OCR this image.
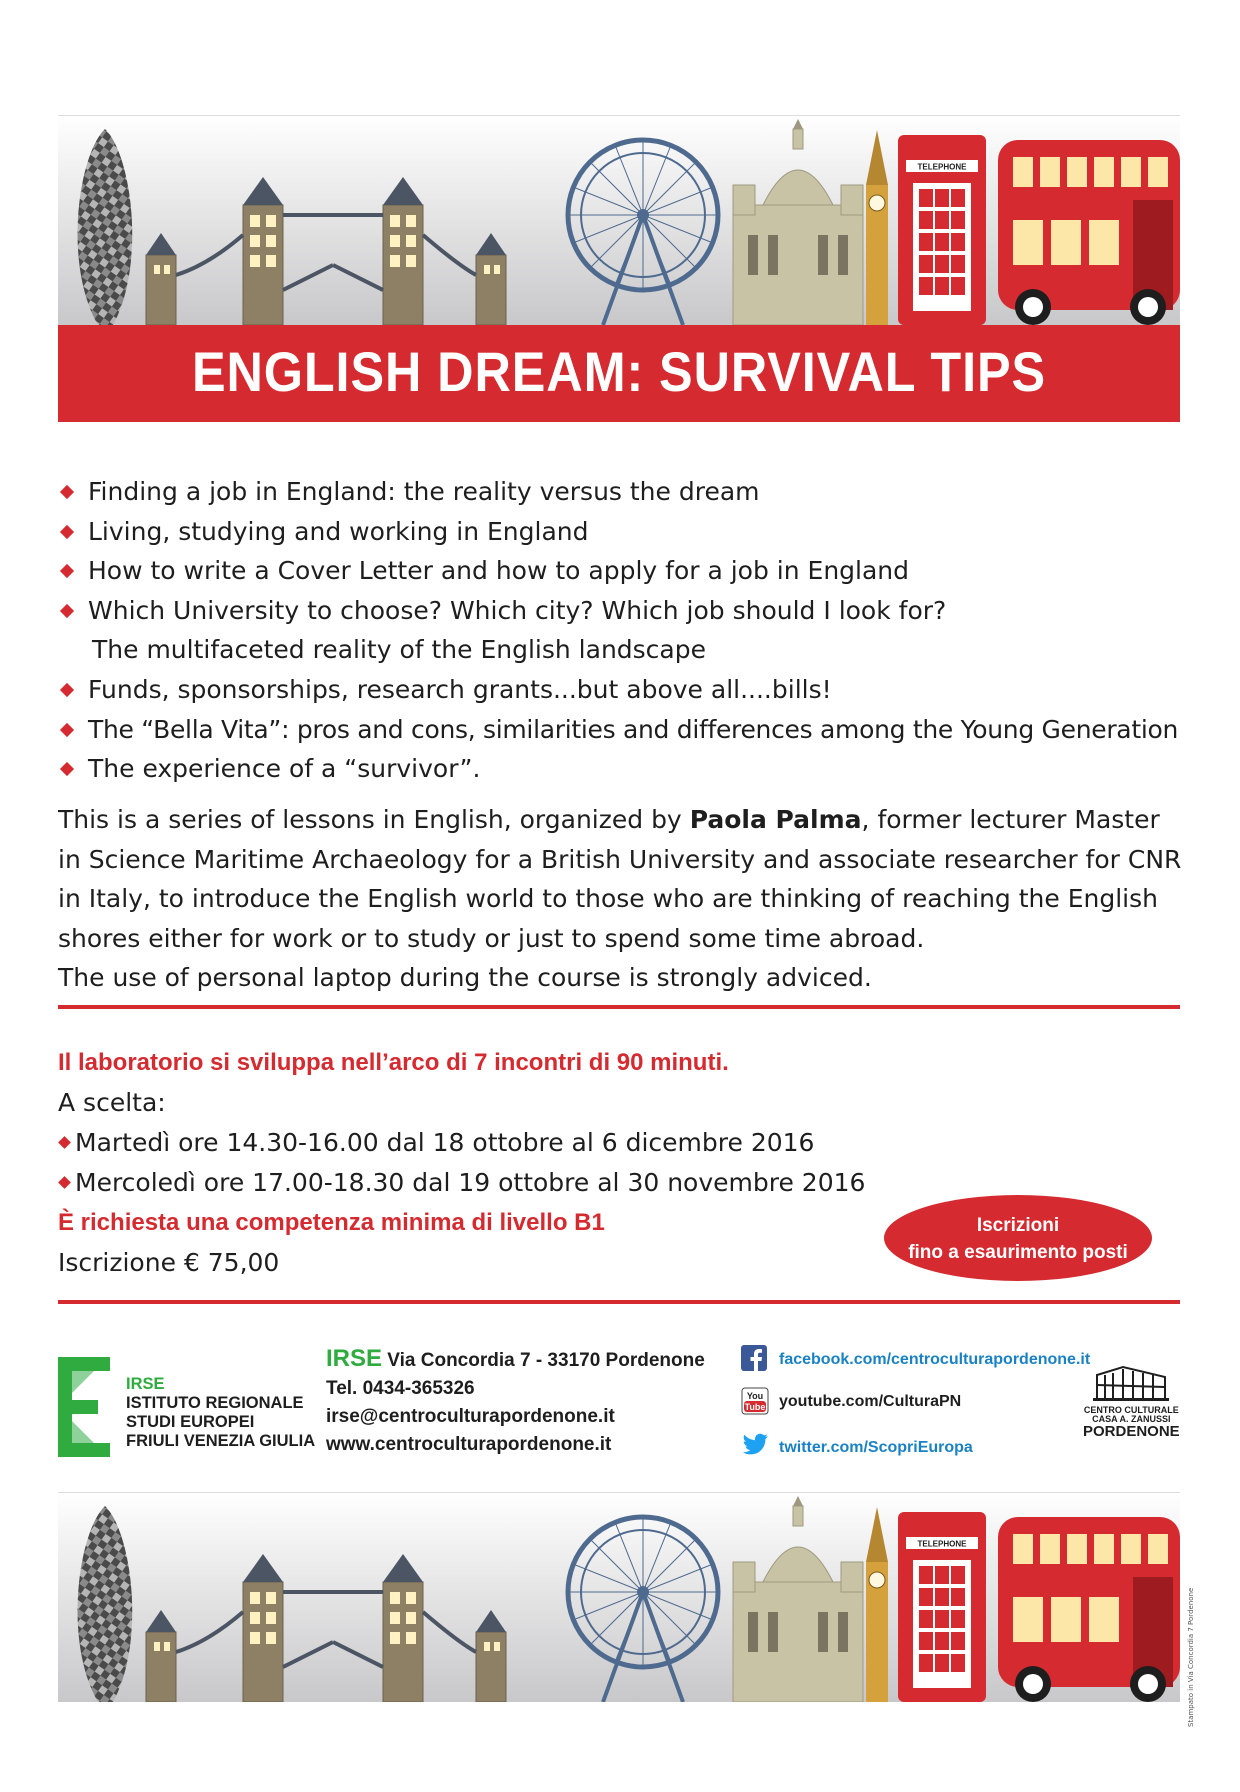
ENGLISH DREAM: SURVIVAL TIPS
Finding a job in England: the reality versus the dream
Living, studying and working in England
How to write a Cover Letter and how to apply for a job in England
Which University to choose? Which city? Which job should I look for?
The multifaceted reality of the English landscape
Funds, sponsorships, research grants...but above all....bills!
The “Bella Vita”: pros and cons, similarities and differences among the Young Generation
The experience of a “survivor”.

This is a series of lessons in English, organized by Paola Palma, former lecturer Master in Science Maritime Archaeology for a British University and associate researcher for CNR in Italy, to introduce the English world to those who are thinking of reaching the English shores either for work or to study or just to spend some time abroad.

The use of personal laptop during the course is strongly adviced.

Il laboratorio si sviluppa nell’arco di 7 incontri di 90 minuti.
A scelta:
Martedì ore 14.30-16.00 dal 18 ottobre al 6 dicembre 2016
Mercoledì ore 17.00-18.30 dal 19 ottobre al 30 novembre 2016
È richiesta una competenza minima di livello B1
Iscrizione € 75,00
Iscrizioni
fino a esaurimento posti
IRSE
ISTITUTO REGIONALE
STUDI EUROPEI
FRIULI VENEZIA GIULIA
IRSE Via Concordia 7 - 33170 Pordenone
Tel. 0434-365326
irse@centroculturapordenone.it
www.centroculturapordenone.it
facebook.com/centroculturapordenone.it
You
Tube youtube.com/CulturaPN
twitter.com/ScopriEuropa
CENTRO CULTURALE
CASA A. ZANUSSI
PORDENONE
Stampato in Via Concordia 7 Pordenone
